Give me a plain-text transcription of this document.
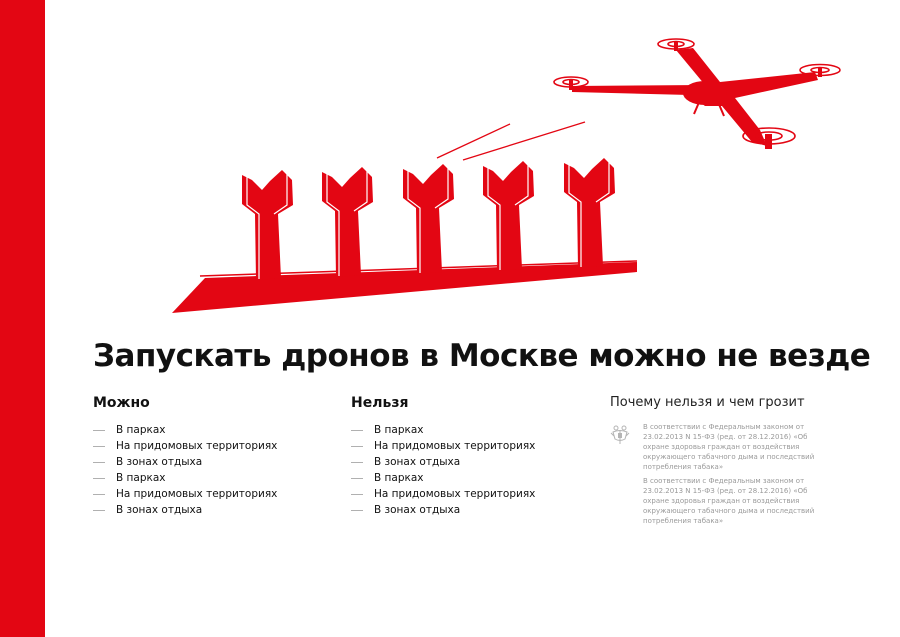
Запускать дронов в Москве можно не везде
Можно
В парках
На придомовых территориях
В зонах отдыха
В парках
На придомовых территориях
В зонах отдыха
Нельзя
В парках
На придомовых территориях
В зонах отдыха
В парках
На придомовых территориях
В зонах отдыха
Почему нельзя и чем грозит

В соответствии с Федеральным законом от 23.02.2013 N 15-ФЗ (ред. от 28.12.2016) «Об охране здоровья граждан от воздействия окружающего табачного дыма и последствий потребления табака»

В соответствии с Федеральным законом от 23.02.2013 N 15-ФЗ (ред. от 28.12.2016) «Об охране здоровья граждан от воздействия окружающего табачного дыма и последствий потребления табака»
